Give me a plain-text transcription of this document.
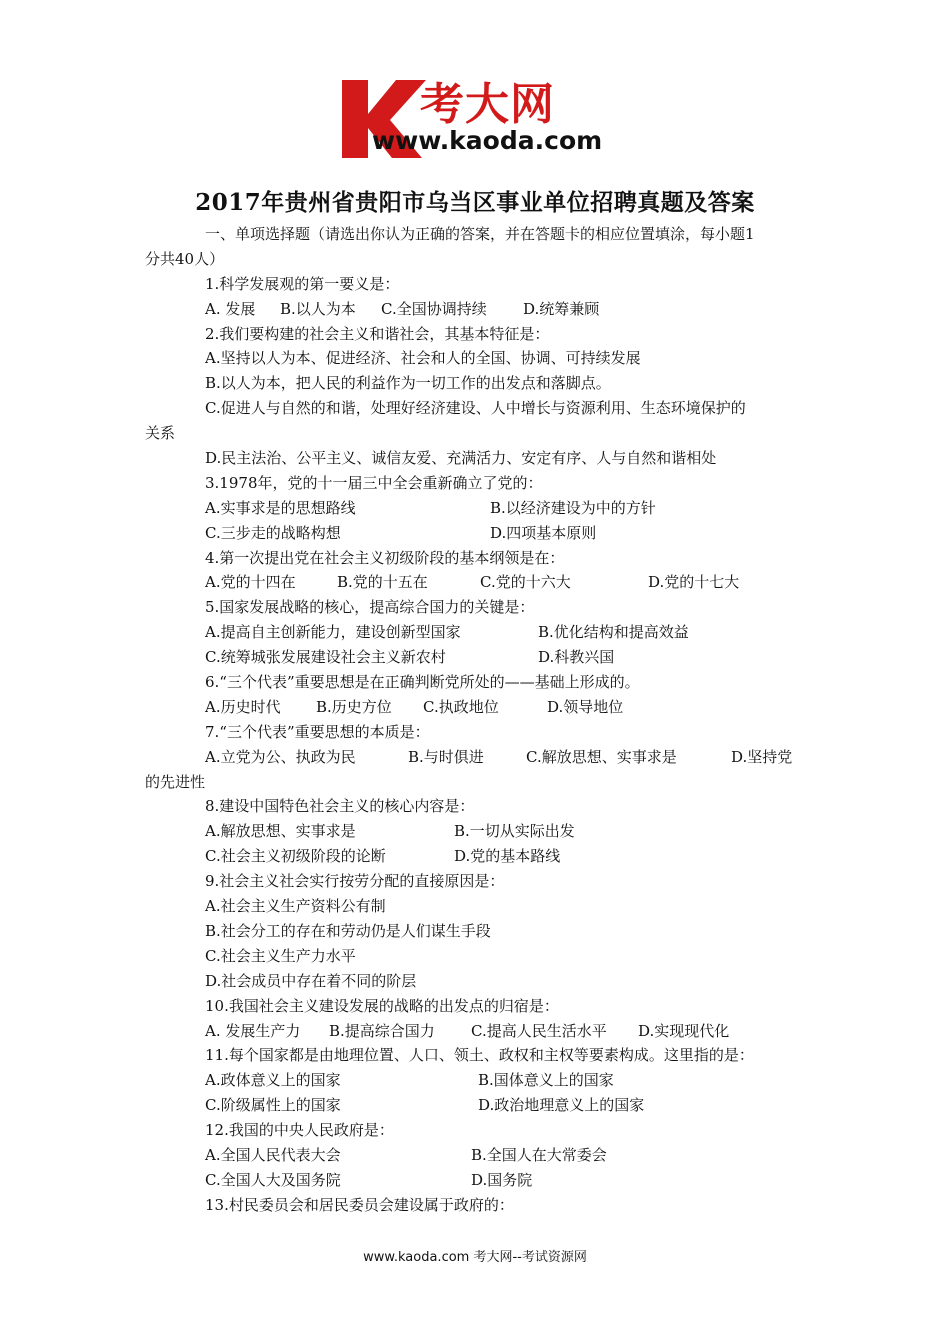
考大网
www.kaoda.com
2017年贵州省贵阳市乌当区事业单位招聘真题及答案
一、单项选择题（请选出你认为正确的答案，并在答题卡的相应位置填涂，每小题1
分共40人）
1.科学发展观的第一要义是：
A. 发展 B.以人为本 C.全国协调持续 D.统筹兼顾
2.我们要构建的社会主义和谐社会，其基本特征是：
A.坚持以人为本、促进经济、社会和人的全国、协调、可持续发展
B.以人为本，把人民的利益作为一切工作的出发点和落脚点。
C.促进人与自然的和谐，处理好经济建设、人中增长与资源利用、生态环境保护的
关系
D.民主法治、公平主义、诚信友爱、充满活力、安定有序、人与自然和谐相处
3.1978年，党的十一届三中全会重新确立了党的：
A.实事求是的思想路线	B.以经济建设为中的方针
C.三步走的战略构想	D.四项基本原则
4.第一次提出党在社会主义初级阶段的基本纲领是在：
A.党的十四在	B.党的十五在	C.党的十六大	D.党的十七大
5.国家发展战略的核心，提高综合国力的关键是：
A.提高自主创新能力，建设创新型国家	B.优化结构和提高效益
C.统筹城张发展建设社会主义新农村	D.科教兴国
6.“三个代表”重要思想是在正确判断党所处的——基础上形成的。
A.历史时代 B.历史方位 C.执政地位	D.领导地位
7.“三个代表”重要思想的本质是：
A.立党为公、执政为民	B.与时俱进	C.解放思想、实事求是	D.坚持党
的先进性
8.建设中国特色社会主义的核心内容是：
A.解放思想、实事求是	B.一切从实际出发
C.社会主义初级阶段的论断	D.党的基本路线
9.社会主义社会实行按劳分配的直接原因是：
A.社会主义生产资料公有制
B.社会分工的存在和劳动仍是人们谋生手段
C.社会主义生产力水平
D.社会成员中存在着不同的阶层
10.我国社会主义建设发展的战略的出发点的归宿是：
A. 发展生产力 B.提高综合国力 C.提高人民生活水平 D.实现现代化
11.每个国家都是由地理位置、人口、领土、政权和主权等要素构成。这里指的是：
A.政体意义上的国家	B.国体意义上的国家
C.阶级属性上的国家	D.政治地理意义上的国家
12.我国的中央人民政府是：
A.全国人民代表大会	B.全国人在大常委会
C.全国人大及国务院	D.国务院
13.村民委员会和居民委员会建设属于政府的：
www.kaoda.com 考大网--考试资源网
